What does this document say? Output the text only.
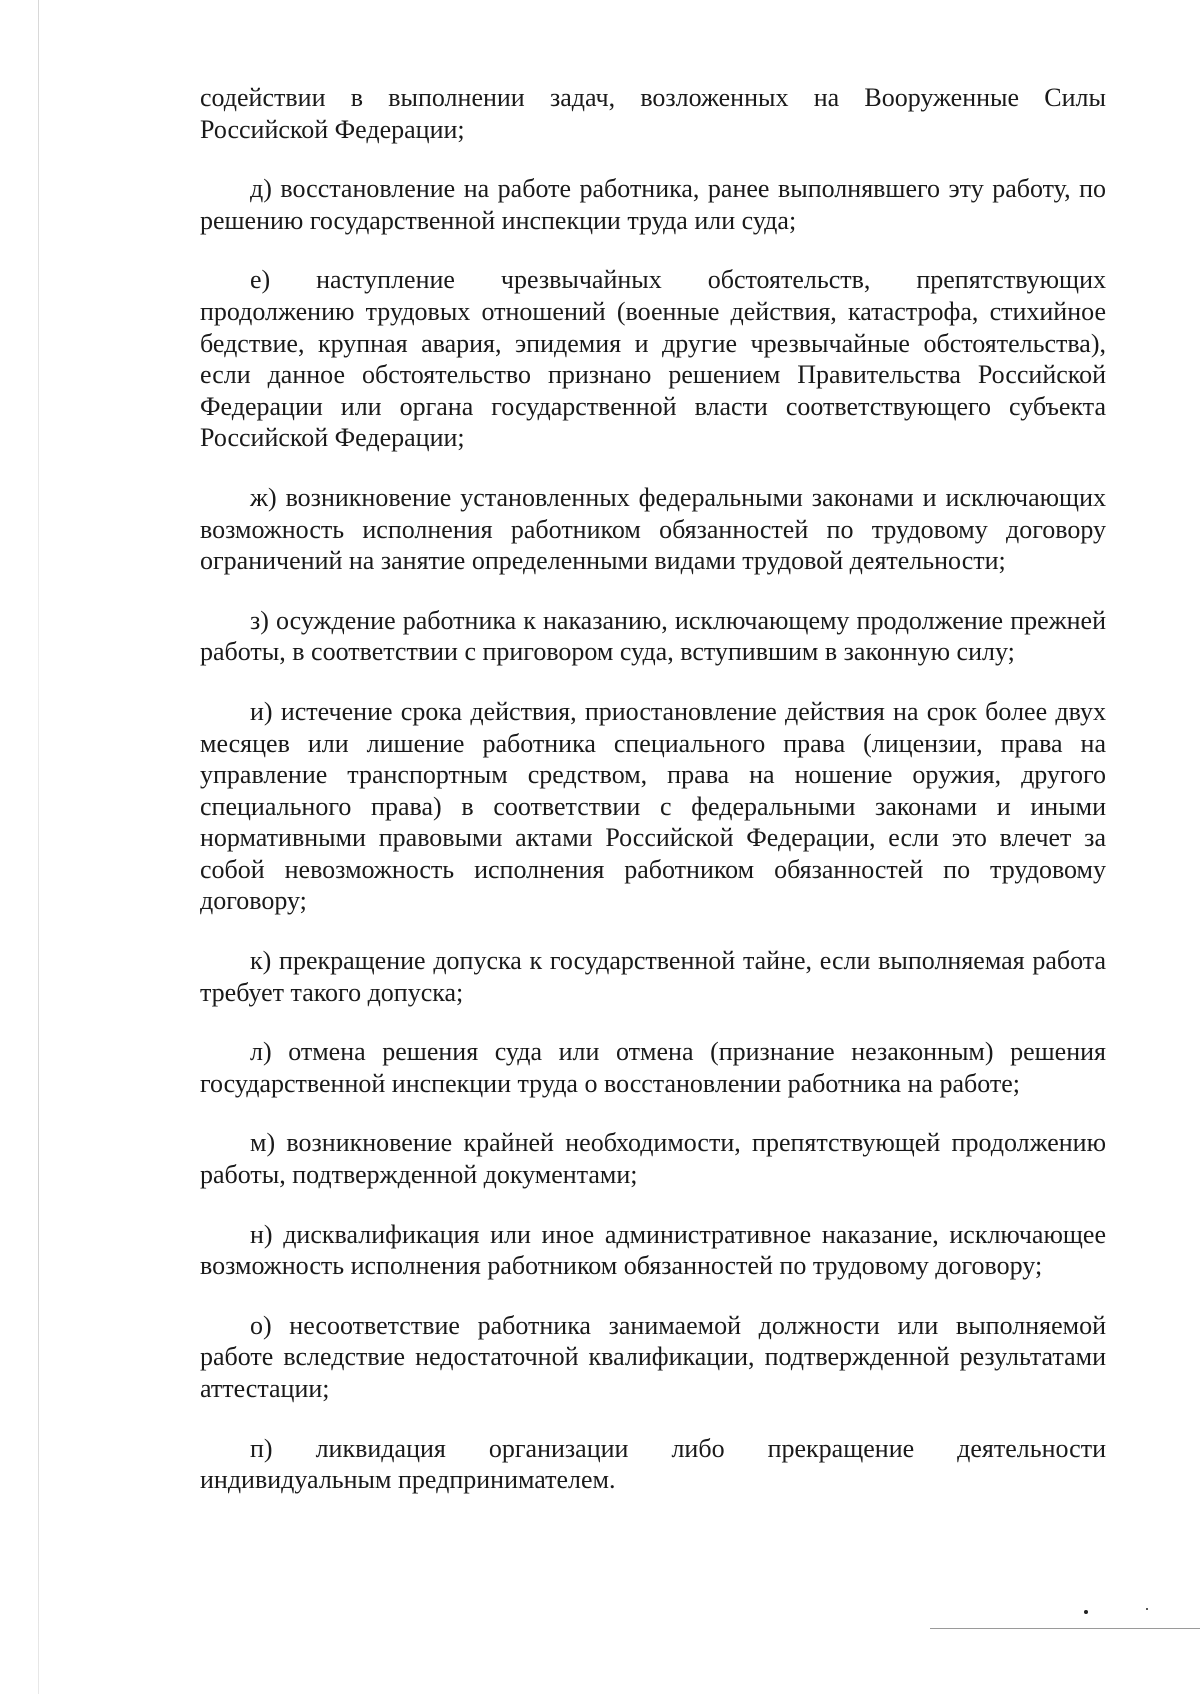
содействии в выполнении задач, возложенных на Вооруженные Силы Российской Федерации;

д) восстановление на работе работника, ранее выполнявшего эту работу, по решению государственной инспекции труда или суда;

е) наступление чрезвычайных обстоятельств, препятствующих продолжению трудовых отношений (военные действия, катастрофа, стихийное бедствие, крупная авария, эпидемия и другие чрезвычайные обстоятельства), если данное обстоятельство признано решением Правительства Российской Федерации или органа государственной власти соответствующего субъекта Российской Федерации;

ж) возникновение установленных федеральными законами и исключающих возможность исполнения работником обязанностей по трудовому договору ограничений на занятие определенными видами трудовой деятельности;

з) осуждение работника к наказанию, исключающему продолжение прежней работы, в соответствии с приговором суда, вступившим в законную силу;

и) истечение срока действия, приостановление действия на срок более двух месяцев или лишение работника специального права (лицензии, права на управление транспортным средством, права на ношение оружия, другого специального права) в соответствии с федеральными законами и иными нормативными правовыми актами Российской Федерации, если это влечет за собой невозможность исполнения работником обязанностей по трудовому договору;

к) прекращение допуска к государственной тайне, если выполняемая работа требует такого допуска;

л) отмена решения суда или отмена (признание незаконным) решения государственной инспекции труда о восстановлении работника на работе;

м) возникновение крайней необходимости, препятствующей продолжению работы, подтвержденной документами;

н) дисквалификация или иное административное наказание, исключающее возможность исполнения работником обязанностей по трудовому договору;

о) несоответствие работника занимаемой должности или выполняемой работе вследствие недостаточной квалификации, подтвержденной результатами аттестации;

п) ликвидация организации либо прекращение деятельности индивидуальным предпринимателем.
